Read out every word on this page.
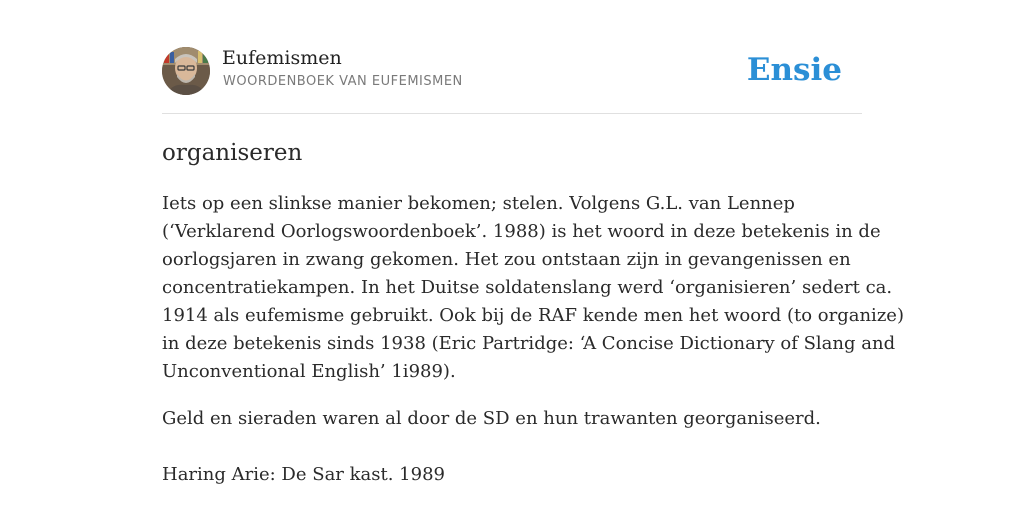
Eufemismen
WOORDENBOEK VAN EUFEMISMEN	Ensie
organiseren
Iets op een slinkse manier bekomen; stelen. Volgens G.L. van Lennep
(‘Verklarend Oorlogswoordenboek’. 1988) is het woord in deze betekenis in de
oorlogsjaren in zwang gekomen. Het zou ontstaan zijn in gevangenissen en
concentratiekampen. In het Duitse soldatenslang werd ‘organisieren’ sedert ca.
1914 als eufemisme gebruikt. Ook bij de RAF kende men het woord (to organize)
in deze betekenis sinds 1938 (Eric Partridge: ‘A Concise Dictionary of Slang and
Unconventional English’ 1i989).
Geld en sieraden waren al door de SD en hun trawanten georganiseerd.
Haring Arie: De Sar kast. 1989
